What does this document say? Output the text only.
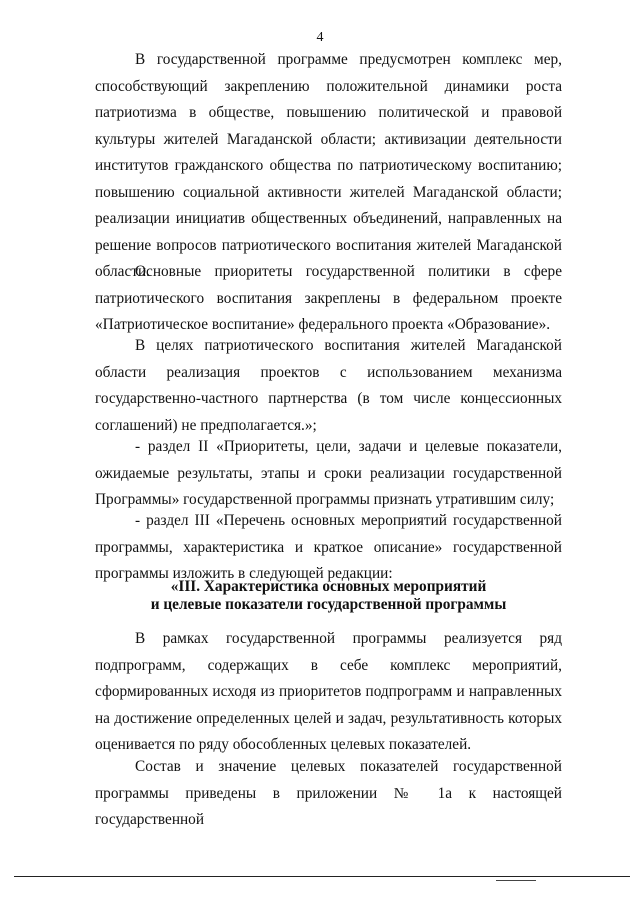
4

В государственной программе предусмотрен комплекс мер, способствующий закреплению положительной динамики роста патриотизма в обществе, повышению политической и правовой культуры жителей Магаданской области; активизации деятельности институтов гражданского общества по патриотическому воспитанию; повышению социальной активности жителей Магаданской области; реализации инициатив общественных объединений, направленных на решение вопросов патриотического воспитания жителей Магаданской области.

Основные приоритеты государственной политики в сфере патриотического воспитания закреплены в федеральном проекте «Патриотическое воспитание» федерального проекта «Образование».

В целях патриотического воспитания жителей Магаданской области реализация проектов с использованием механизма государственно-частного партнерства (в том числе концессионных соглашений) не предполагается.»;

- раздел II «Приоритеты, цели, задачи и целевые показатели, ожидаемые результаты, этапы и сроки реализации государственной Программы» государственной программы признать утратившим силу;

- раздел III «Перечень основных мероприятий государственной программы, характеристика и краткое описание» государственной программы изложить в следующей редакции:

«III. Характеристика основных мероприятий
и целевые показатели государственной программы

В рамках государственной программы реализуется ряд подпрограмм, содержащих в себе комплекс мероприятий, сформированных исходя из приоритетов подпрограмм и направленных на достижение определенных целей и задач, результативность которых оценивается по ряду обособленных целевых показателей.

Состав и значение целевых показателей государственной программы приведены в приложении № 1а к настоящей государственной
